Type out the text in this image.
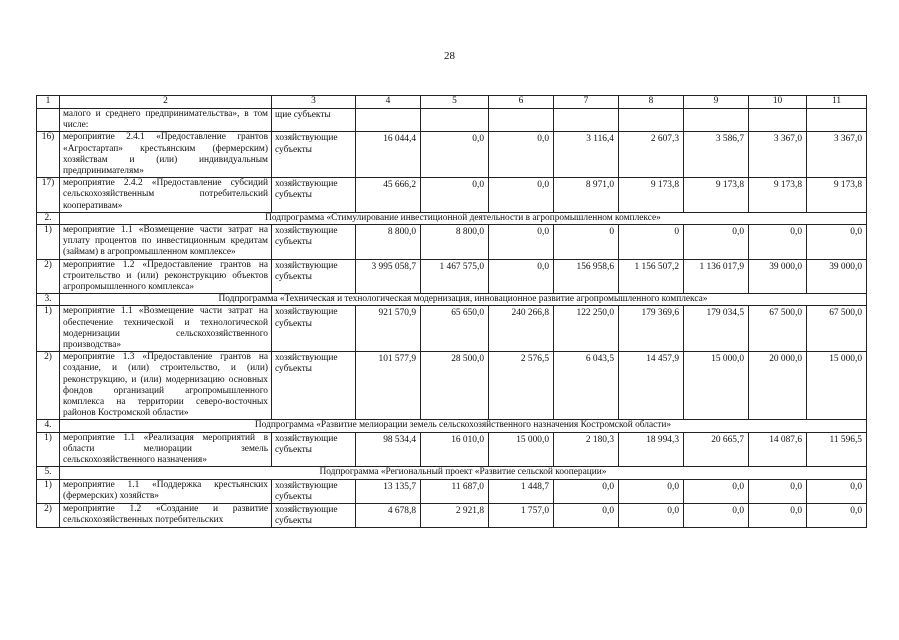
28
1	2	3	4	5	6	7	8	9	10	11
	малого и среднего предпринимательства», в том числе:	щие субъекты								
16)	мероприятие 2.4.1 «Предоставление грантов «Агростартап» крестьянским (фермерским) хозяйствам и (или) индивидуальным предпринимателям»	хозяйствующие субъекты	16 044,4	0,0	0,0	3 116,4	2 607,3	3 586,7	3 367,0	3 367,0
17)	мероприятие 2.4.2 «Предоставление субсидий сельскохозяйственным потребительский кооперативам»	хозяйствующие субъекты	45 666,2	0,0	0,0	8 971,0	9 173,8	9 173,8	9 173,8	9 173,8
2.	Подпрограмма «Стимулирование инвестиционной деятельности в агропромышленном комплексе»									
1)	мероприятие 1.1 «Возмещение части затрат на уплату процентов по инвестиционным кредитам (займам) в агропромышленном комплексе»	хозяйствующие субъекты	8 800,0	8 800,0	0,0	0	0	0,0	0,0	0,0
2)	мероприятие 1.2 «Предоставление грантов на строительство и (или) реконструкцию объектов агропромышленного комплекса»	хозяйствующие субъекты	3 995 058,7	1 467 575,0	0,0	156 958,6	1 156 507,2	1 136 017,9	39 000,0	39 000,0
3.	Подпрограмма «Техническая и технологическая модернизация, инновационное развитие агропромышленного комплекса»									
1)	мероприятие 1.1 «Возмещение части затрат на обеспечение технической и технологической модернизации сельскохозяйственного производства»	хозяйствующие субъекты	921 570,9	65 650,0	240 266,8	122 250,0	179 369,6	179 034,5	67 500,0	67 500,0
2)	мероприятие 1.3 «Предоставление грантов на создание, и (или) строительство, и (или) реконструкцию, и (или) модернизацию основных фондов организаций агропромышленного комплекса на территории северо-восточных районов Костромской области»	хозяйствующие субъекты	101 577,9	28 500,0	2 576,5	6 043,5	14 457,9	15 000,0	20 000,0	15 000,0
4.	Подпрограмма «Развитие мелиорации земель сельскохозяйственного назначения Костромской области»									
1)	мероприятие 1.1 «Реализация мероприятий в области мелиорации земель сельскохозяйственного назначения»	хозяйствующие субъекты	98 534,4	16 010,0	15 000,0	2 180,3	18 994,3	20 665,7	14 087,6	11 596,5
5.	Подпрограмма «Региональный проект «Развитие сельской кооперации»									
1)	мероприятие 1.1 «Поддержка крестьянских (фермерских) хозяйств»	хозяйствующие субъекты	13 135,7	11 687,0	1 448,7	0,0	0,0	0,0	0,0	0,0
2)	мероприятие 1.2 «Создание и развитие сельскохозяйственных потребительских	хозяйствующие субъекты	4 678,8	2 921,8	1 757,0	0,0	0,0	0,0	0,0	0,0
